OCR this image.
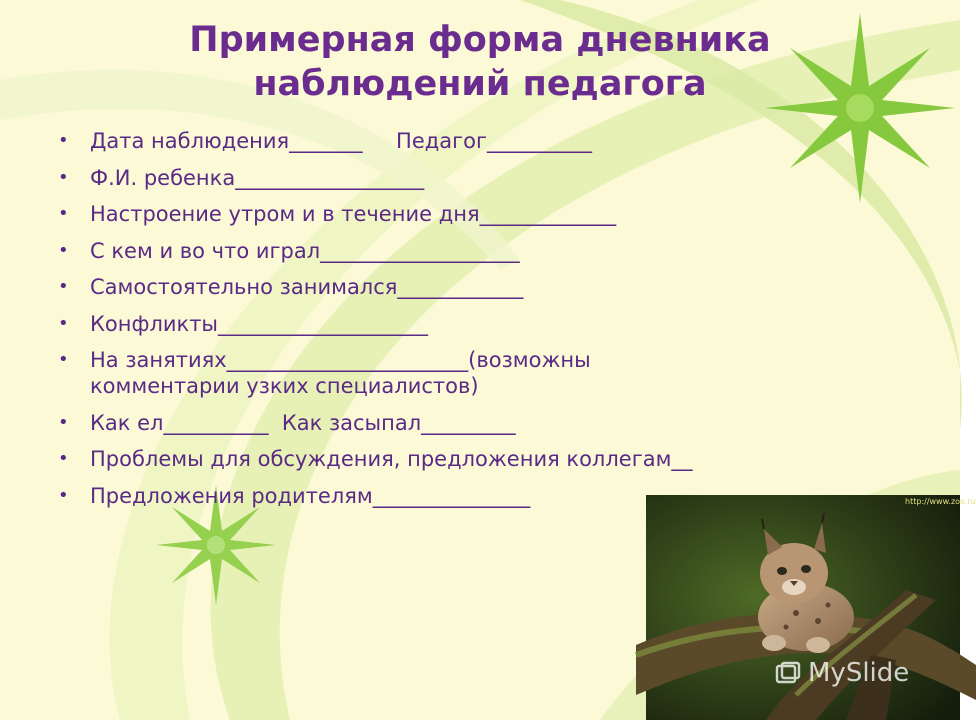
Примерная форма дневника
наблюдений педагога
• Дата наблюдения_______     Педагог__________
• Ф.И. ребенка__________________
• Настроение утром и в течение дня_____________
• С кем и во что играл___________________
• Самостоятельно занимался____________
• Конфликты____________________
• На занятиях_______________________(возможны
комментарии узких специалистов)
• Как ел__________  Как засыпал_________
• Проблемы для обсуждения, предложения коллегам__
• Предложения родителям_______________	http://www.zoo.ru
MySlide
